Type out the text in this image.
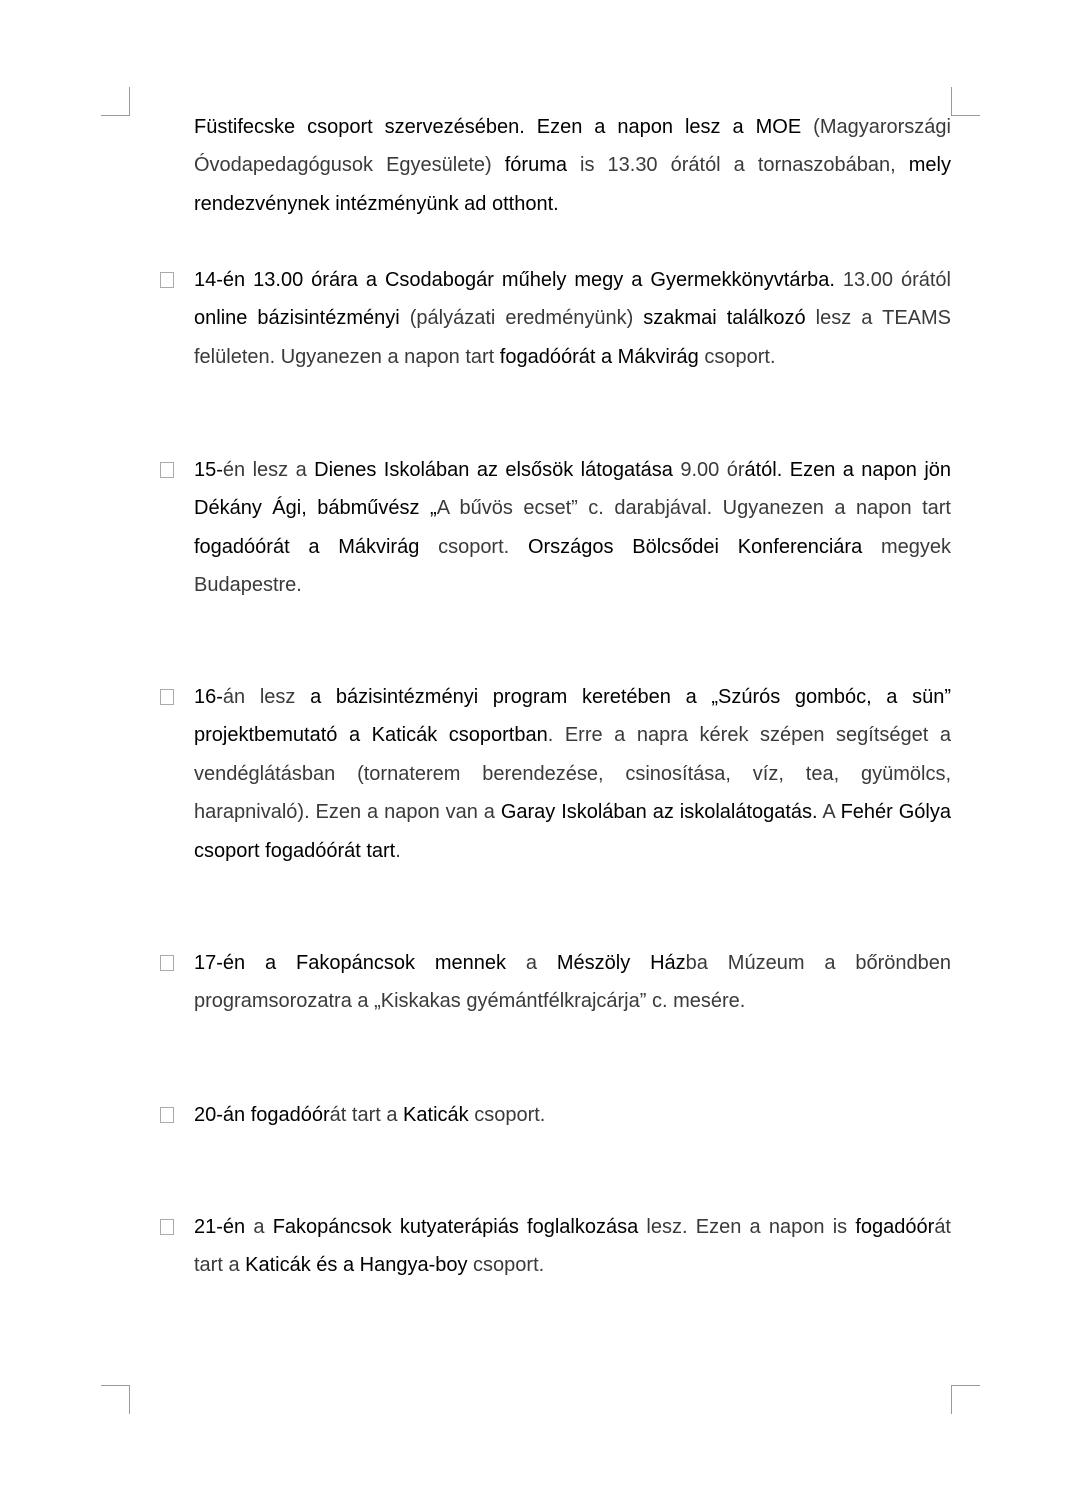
Füstifecske csoport szervezésében. Ezen a napon lesz a MOE (Magyarországi Óvodapedagógusok Egyesülete) fóruma is 13.30 órától a tornaszobában, mely rendezvénynek intézményünk ad otthont.
14-én 13.00 órára a Csodabogár műhely megy a Gyermekkönyvtárba. 13.00 órától online bázisintézményi (pályázati eredményünk) szakmai találkozó lesz a TEAMS felületen. Ugyanezen a napon tart fogadóórát a Mákvirág csoport.
15-én lesz a Dienes Iskolában az elsősök látogatása 9.00 órától. Ezen a napon jön Dékány Ági, bábművész „A bűvös ecset” c. darabjával. Ugyanezen a napon tart fogadóórát a Mákvirág csoport. Országos Bölcsődei Konferenciára megyek Budapestre.
16-án lesz a bázisintézményi program keretében a „Szúrós gombóc, a sün” projektbemutató a Katicák csoportban. Erre a napra kérek szépen segítséget a vendéglátásban (tornaterem berendezése, csinosítása, víz, tea, gyümölcs, harapnivaló). Ezen a napon van a Garay Iskolában az iskolalátogatás. A Fehér Gólya csoport fogadóórát tart.
17-én a Fakopáncsok mennek a Mészöly Házba Múzeum a bőröndben programsorozatra a „Kiskakas gyémántfélkrajcárja” c. mesére.
20-án fogadóórát tart a Katicák csoport.
21-én a Fakopáncsok kutyaterápiás foglalkozása lesz. Ezen a napon is fogadóórát tart a Katicák és a Hangya-boy csoport.
